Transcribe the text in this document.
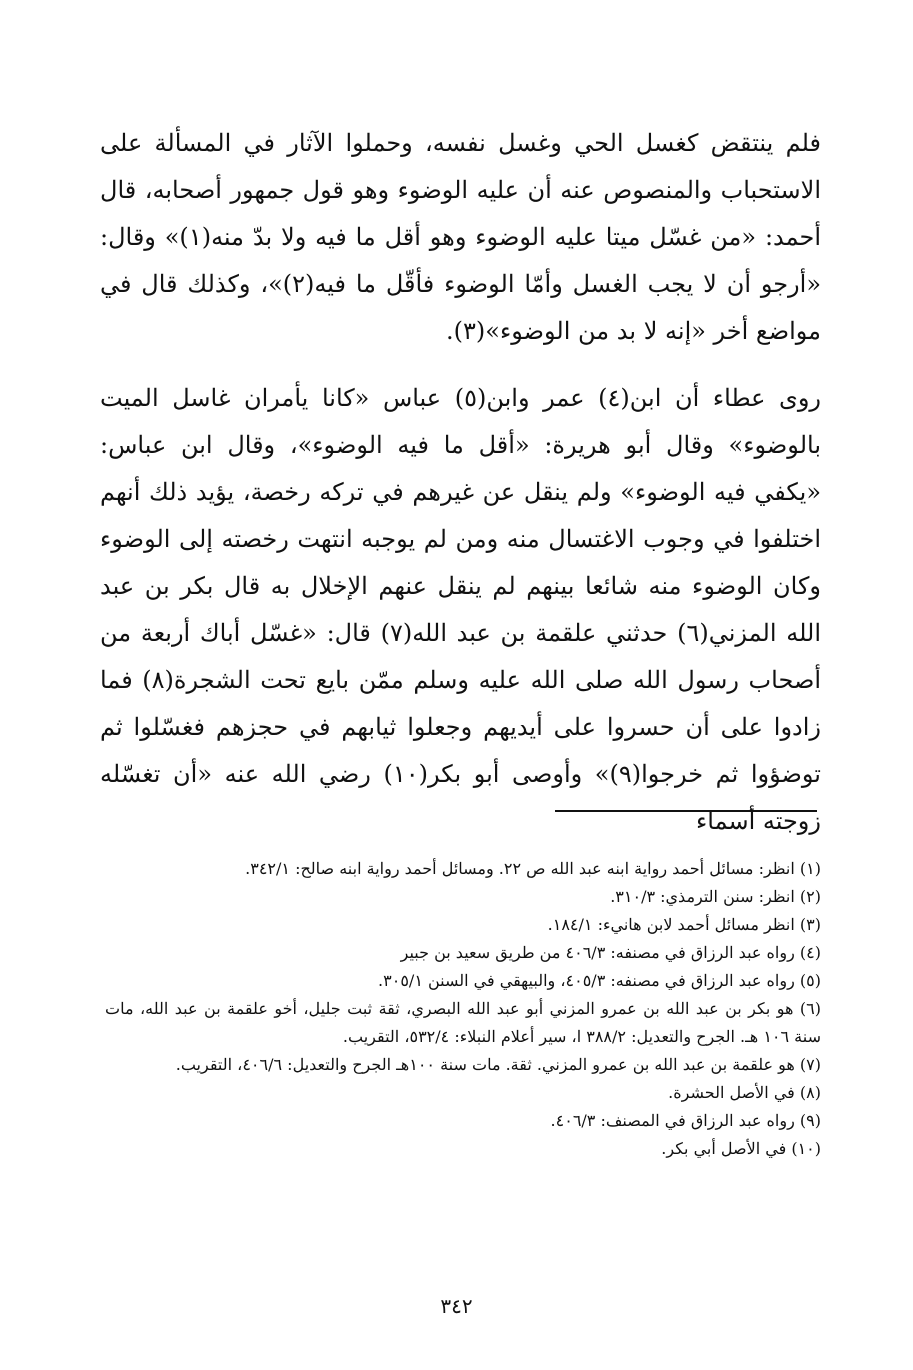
فلم ينتقض كغسل الحي وغسل نفسه، وحملوا الآثار في المسألة على الاستحباب والمنصوص عنه أن عليه الوضوء وهو قول جمهور أصحابه، قال أحمد: «من غسّل ميتا عليه الوضوء وهو أقل ما فيه ولا بدّ منه(١)» وقال: «أرجو أن لا يجب الغسل وأمّا الوضوء فأقّل ما فيه(٢)»، وكذلك قال في مواضع أخر «إنه لا بد من الوضوء»(٣).

روى عطاء أن ابن(٤) عمر وابن(٥) عباس «كانا يأمران غاسل الميت بالوضوء» وقال أبو هريرة: «أقل ما فيه الوضوء»، وقال ابن عباس: «يكفي فيه الوضوء» ولم ينقل عن غيرهم في تركه رخصة، يؤيد ذلك أنهم اختلفوا في وجوب الاغتسال منه ومن لم يوجبه انتهت رخصته إلى الوضوء وكان الوضوء منه شائعا بينهم لم ينقل عنهم الإخلال به قال بكر بن عبد الله المزني(٦) حدثني علقمة بن عبد الله(٧) قال: «غسّل أباك أربعة من أصحاب رسول الله صلى الله عليه وسلم ممّن بايع تحت الشجرة(٨) فما زادوا على أن حسروا على أيديهم وجعلوا ثيابهم في حجزهم فغسّلوا ثم توضؤوا ثم خرجوا(٩)» وأوصى أبو بكر(١٠) رضي الله عنه «أن تغسّله زوجته أسماء

(١) انظر: مسائل أحمد رواية ابنه عبد الله ص ٢٢. ومسائل أحمد رواية ابنه صالح: ٣٤٢/١.

(٢) انظر: سنن الترمذي: ٣١٠/٣.

(٣) انظر مسائل أحمد لابن هانيء: ١٨٤/١.

(٤) رواه عبد الرزاق في مصنفه: ٤٠٦/٣ من طريق سعيد بن جبير

(٥) رواه عبد الرزاق في مصنفه: ٤٠٥/٣، والبيهقي في السنن ٣٠٥/١.

(٦) هو بكر بن عبد الله بن عمرو المزني أبو عبد الله البصري، ثقة ثبت جليل، أخو علقمة بن عبد الله، مات سنة ١٠٦ هـ. الجرح والتعديل: ٣٨٨/٢ ا، سير أعلام النبلاء: ٥٣٢/٤، التقريب.

(٧) هو علقمة بن عبد الله بن عمرو المزني. ثقة. مات سنة ١٠٠هـ الجرح والتعديل: ٤٠٦/٦، التقريب.

(٨) في الأصل الحشرة.

(٩) رواه عبد الرزاق في المصنف: ٤٠٦/٣.

(١٠) في الأصل أبي بكر.

٣٤٢
